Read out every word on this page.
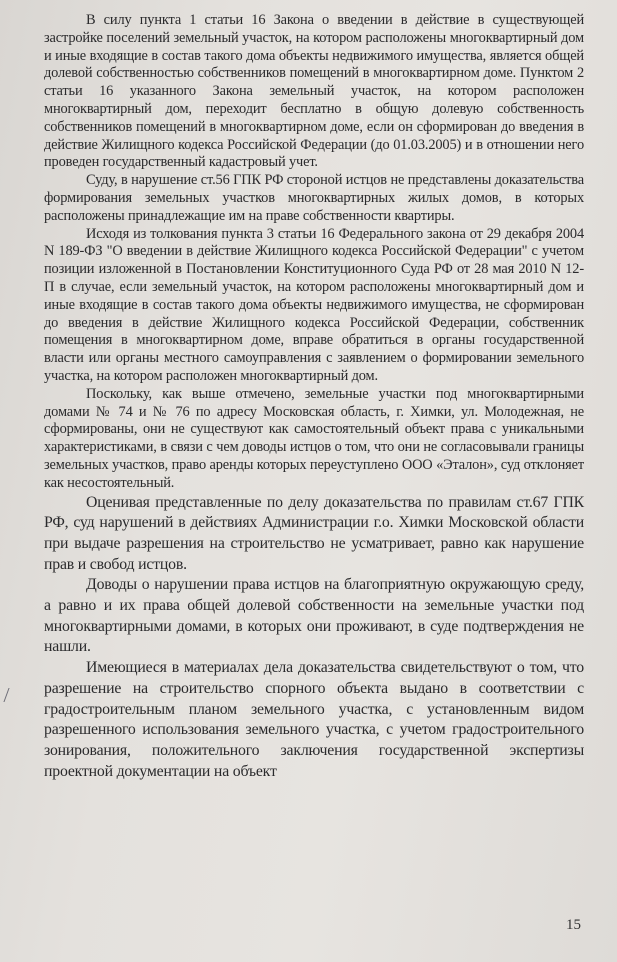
В силу пункта 1 статьи 16 Закона о введении в действие в существующей застройке поселений земельный участок, на котором расположены многоквартирный дом и иные входящие в состав такого дома объекты недвижимого имущества, является общей долевой собственностью собственников помещений в многоквартирном доме. Пунктом 2 статьи 16 указанного Закона земельный участок, на котором расположен многоквартирный дом, переходит бесплатно в общую долевую собственность собственников помещений в многоквартирном доме, если он сформирован до введения в действие Жилищного кодекса Российской Федерации (до 01.03.2005) и в отношении него проведен государственный кадастровый учет.

Суду, в нарушение ст.56 ГПК РФ стороной истцов не представлены доказательства формирования земельных участков многоквартирных жилых домов, в которых расположены принадлежащие им на праве собственности квартиры.

Исходя из толкования пункта 3 статьи 16 Федерального закона от 29 декабря 2004 N 189-ФЗ "О введении в действие Жилищного кодекса Российской Федерации" с учетом позиции изложенной в Постановлении Конституционного Суда РФ от 28 мая 2010 N 12-П в случае, если земельный участок, на котором расположены многоквартирный дом и иные входящие в состав такого дома объекты недвижимого имущества, не сформирован до введения в действие Жилищного кодекса Российской Федерации, собственник помещения в многоквартирном доме, вправе обратиться в органы государственной власти или органы местного самоуправления с заявлением о формировании земельного участка, на котором расположен многоквартирный дом.

Поскольку, как выше отмечено, земельные участки под многоквартирными домами № 74 и № 76 по адресу Московская область, г. Химки, ул. Молодежная, не сформированы, они не существуют как самостоятельный объект права с уникальными характеристиками, в связи с чем доводы истцов о том, что они не согласовывали границы земельных участков, право аренды которых переуступлено ООО «Эталон», суд отклоняет как несостоятельный.

Оценивая представленные по делу доказательства по правилам ст.67 ГПК РФ, суд нарушений в действиях Администрации г.о. Химки Московской области при выдаче разрешения на строительство не усматривает, равно как нарушение прав и свобод истцов.

Доводы о нарушении права истцов на благоприятную окружающую среду, а равно и их права общей долевой собственности на земельные участки под многоквартирными домами, в которых они проживают, в суде подтверждения не нашли.

Имеющиеся в материалах дела доказательства свидетельствуют о том, что разрешение на строительство спорного объекта выдано в соответствии с градостроительным планом земельного участка, с установленным видом разрешенного использования земельного участка, с учетом градостроительного зонирования, положительного заключения государственной экспертизы проектной документации на объект

15
